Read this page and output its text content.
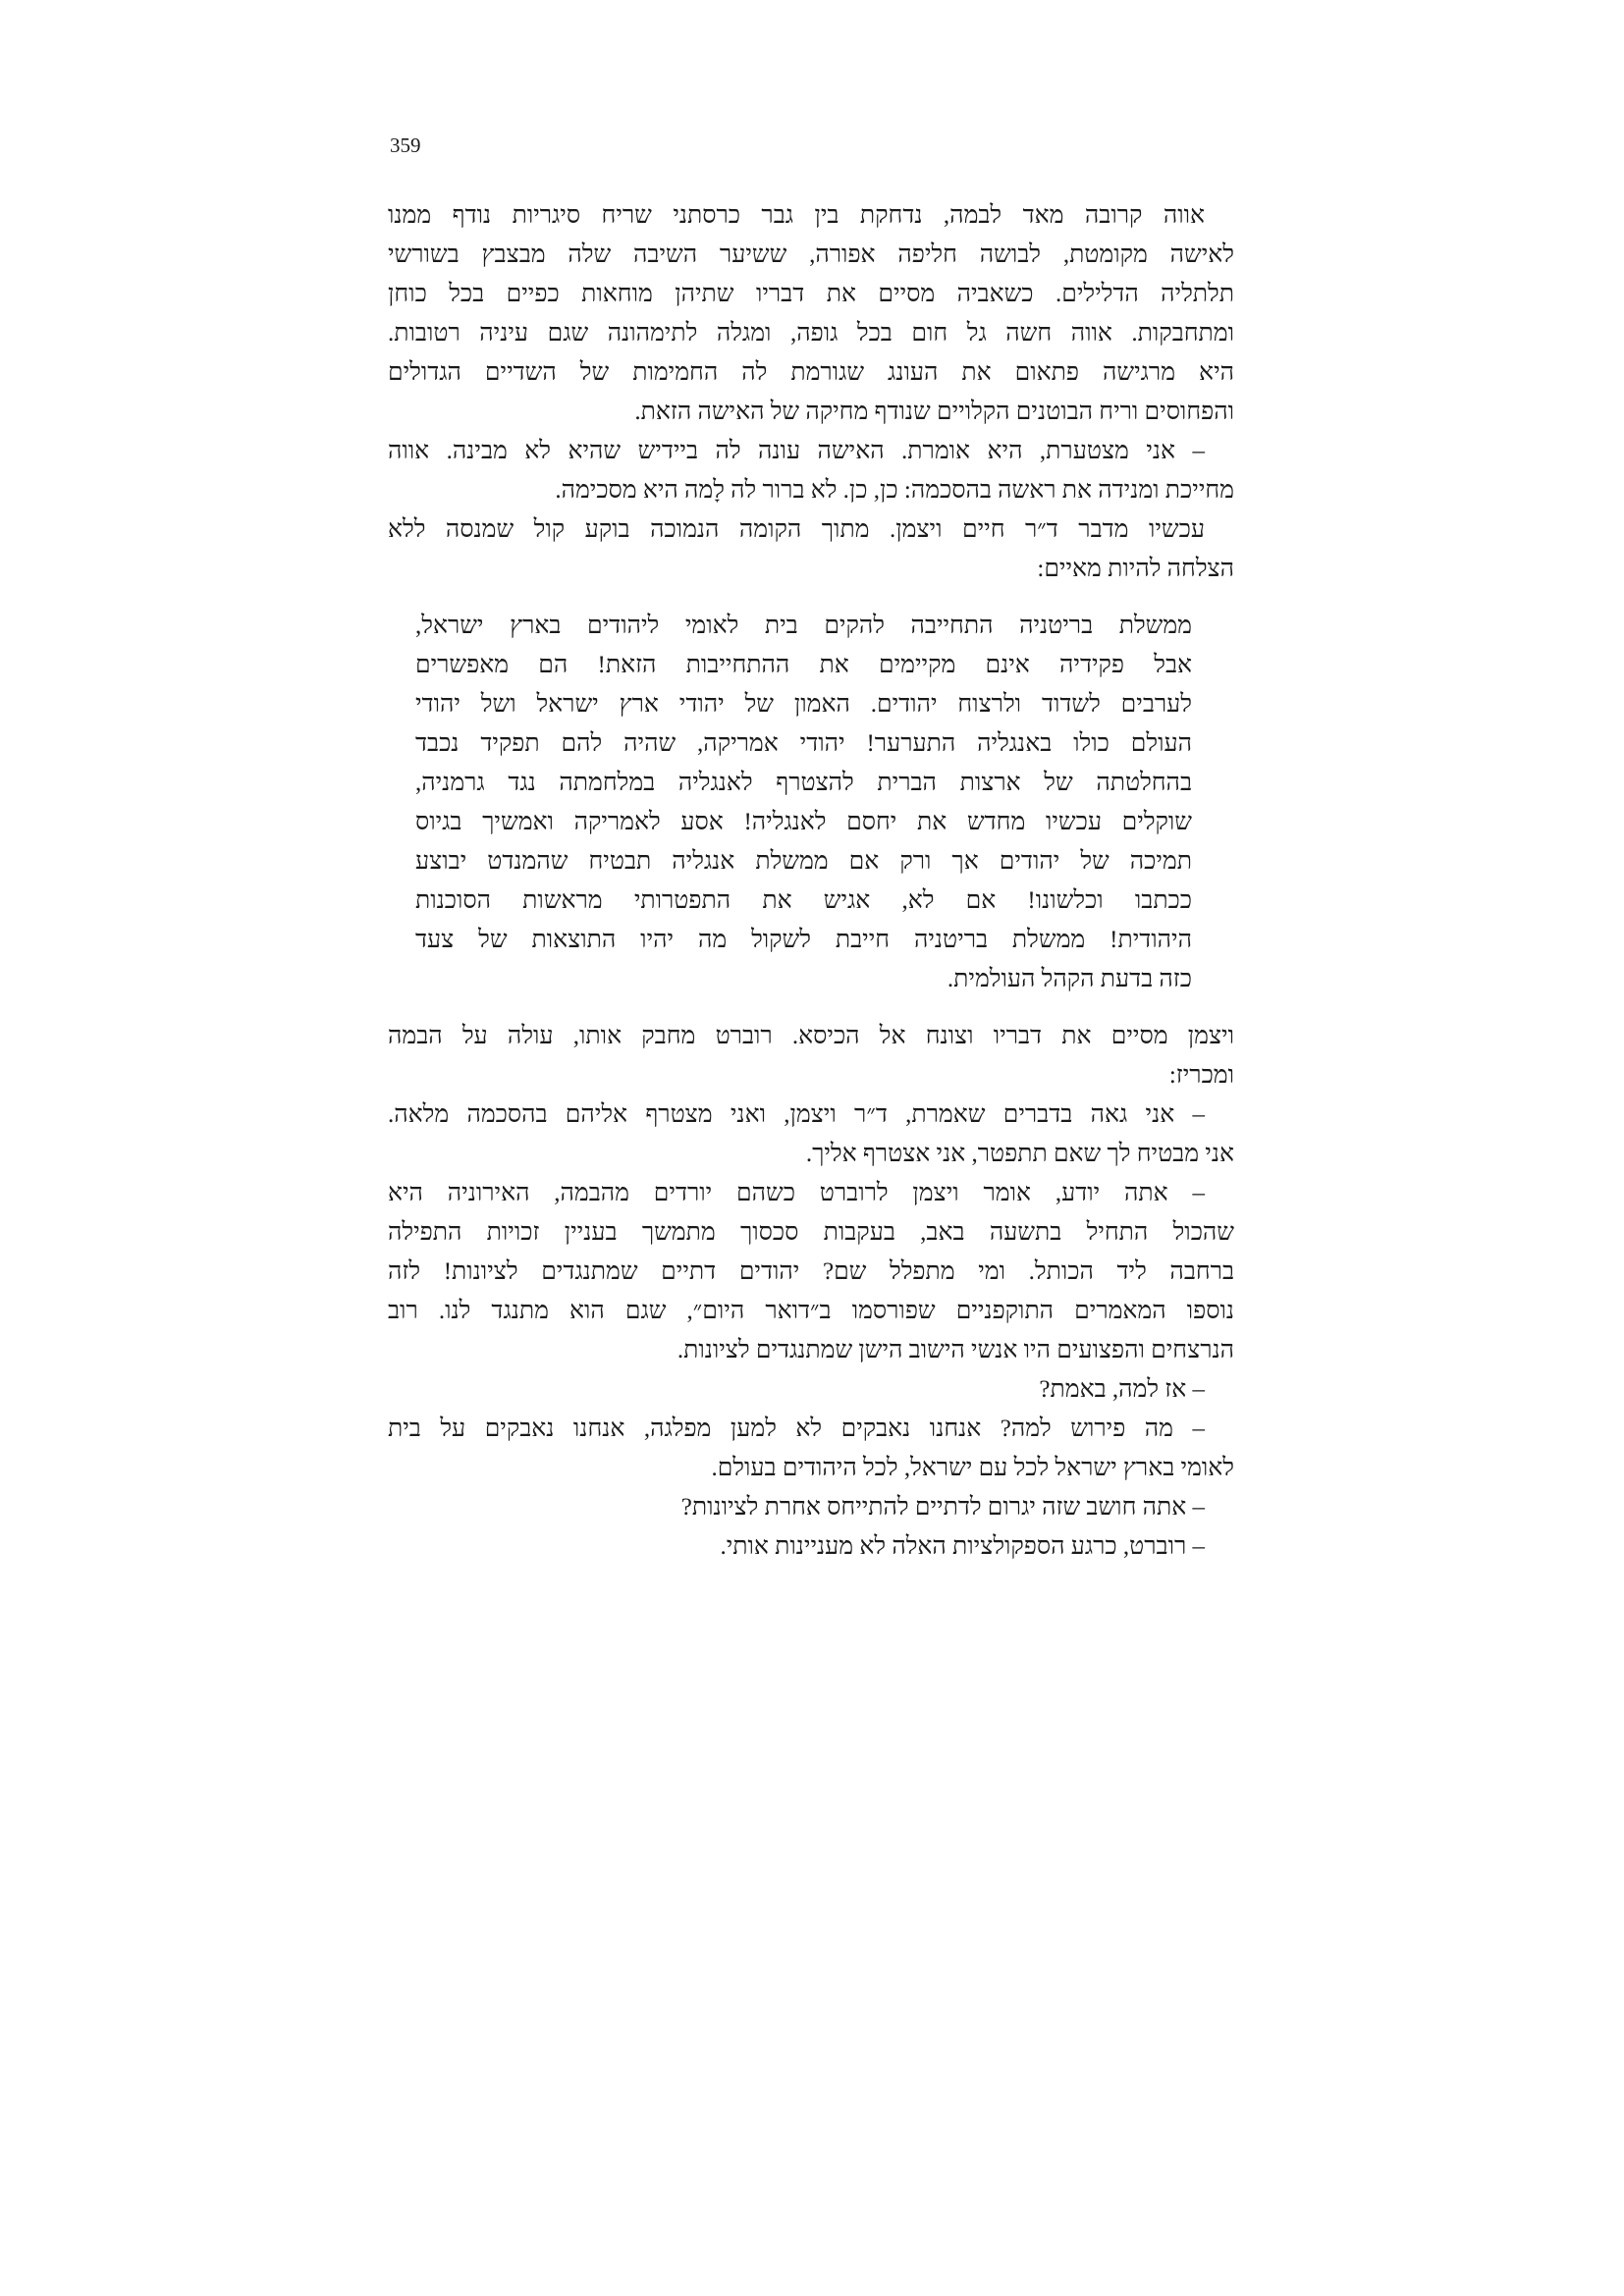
359
אווה קרובה מאד לבמה, נדחקת בין גבר כרסתני שריח סיגריות נודף ממנו
לאישה מקומטת, לבושה חליפה אפורה, ששיער השיבה שלה מבצבץ בשורשי
תלתליה הדלילים. כשאביה מסיים את דבריו שתיהן מוחאות כפיים בכל כוחן
ומתחבקות. אווה חשה גל חום בכל גופה, ומגלה לתימהונה שגם עיניה רטובות.
היא מרגישה פתאום את העונג שגורמת לה החמימות של השדיים הגדולים
והפחוסים וריח הבוטנים הקלויים שנודף מחיקה של האישה הזאת.
– אני מצטערת, היא אומרת. האישה עונה לה ביידיש שהיא לא מבינה. אווה
מחייכת ומנידה את ראשה בהסכמה: כן, כן. לא ברור לה לָמה היא מסכימה.
עכשיו מדבר ד״ר חיים ויצמן. מתוך הקומה הנמוכה בוקע קול שמנסה ללא
הצלחה להיות מאיים:
ממשלת בריטניה התחייבה להקים בית לאומי ליהודים בארץ ישראל,
אבל פקידיה אינם מקיימים את ההתחייבות הזאת! הם מאפשרים
לערבים לשדוד ולרצוח יהודים. האמון של יהודי ארץ ישראל ושל יהודי
העולם כולו באנגליה התערער! יהודי אמריקה, שהיה להם תפקיד נכבד
בהחלטתה של ארצות הברית להצטרף לאנגליה במלחמתה נגד גרמניה,
שוקלים עכשיו מחדש את יחסם לאנגליה! אסע לאמריקה ואמשיך בגיוס
תמיכה של יהודים אך ורק אם ממשלת אנגליה תבטיח שהמנדט יבוצע
ככתבו וכלשונו! אם לא, אגיש את התפטרותי מראשות הסוכנות
היהודית! ממשלת בריטניה חייבת לשקול מה יהיו התוצאות של צעד
כזה בדעת הקהל העולמית.
ויצמן מסיים את דבריו וצונח אל הכיסא. רוברט מחבק אותו, עולה על הבמה
ומכריז:
– אני גאה בדברים שאמרת, ד״ר ויצמן, ואני מצטרף אליהם בהסכמה מלאה.
אני מבטיח לך שאם תתפטר, אני אצטרף אליך.
– אתה יודע, אומר ויצמן לרוברט כשהם יורדים מהבמה, האירוניה היא
שהכול התחיל בתשעה באב, בעקבות סכסוך מתמשך בעניין זכויות התפילה
ברחבה ליד הכותל. ומי מתפלל שם? יהודים דתיים שמתנגדים לציונות! לזה
נוספו המאמרים התוקפניים שפורסמו ב״דואר היום״, שגם הוא מתנגד לנו. רוב
הנרצחים והפצועים היו אנשי הישוב הישן שמתנגדים לציונות.
– אז למה, באמת?
– מה פירוש למה? אנחנו נאבקים לא למען מפלגה, אנחנו נאבקים על בית
לאומי בארץ ישראל לכל עם ישראל, לכל היהודים בעולם.
– אתה חושב שזה יגרום לדתיים להתייחס אחרת לציונות?
– רוברט, כרגע הספקולציות האלה לא מעניינות אותי.
